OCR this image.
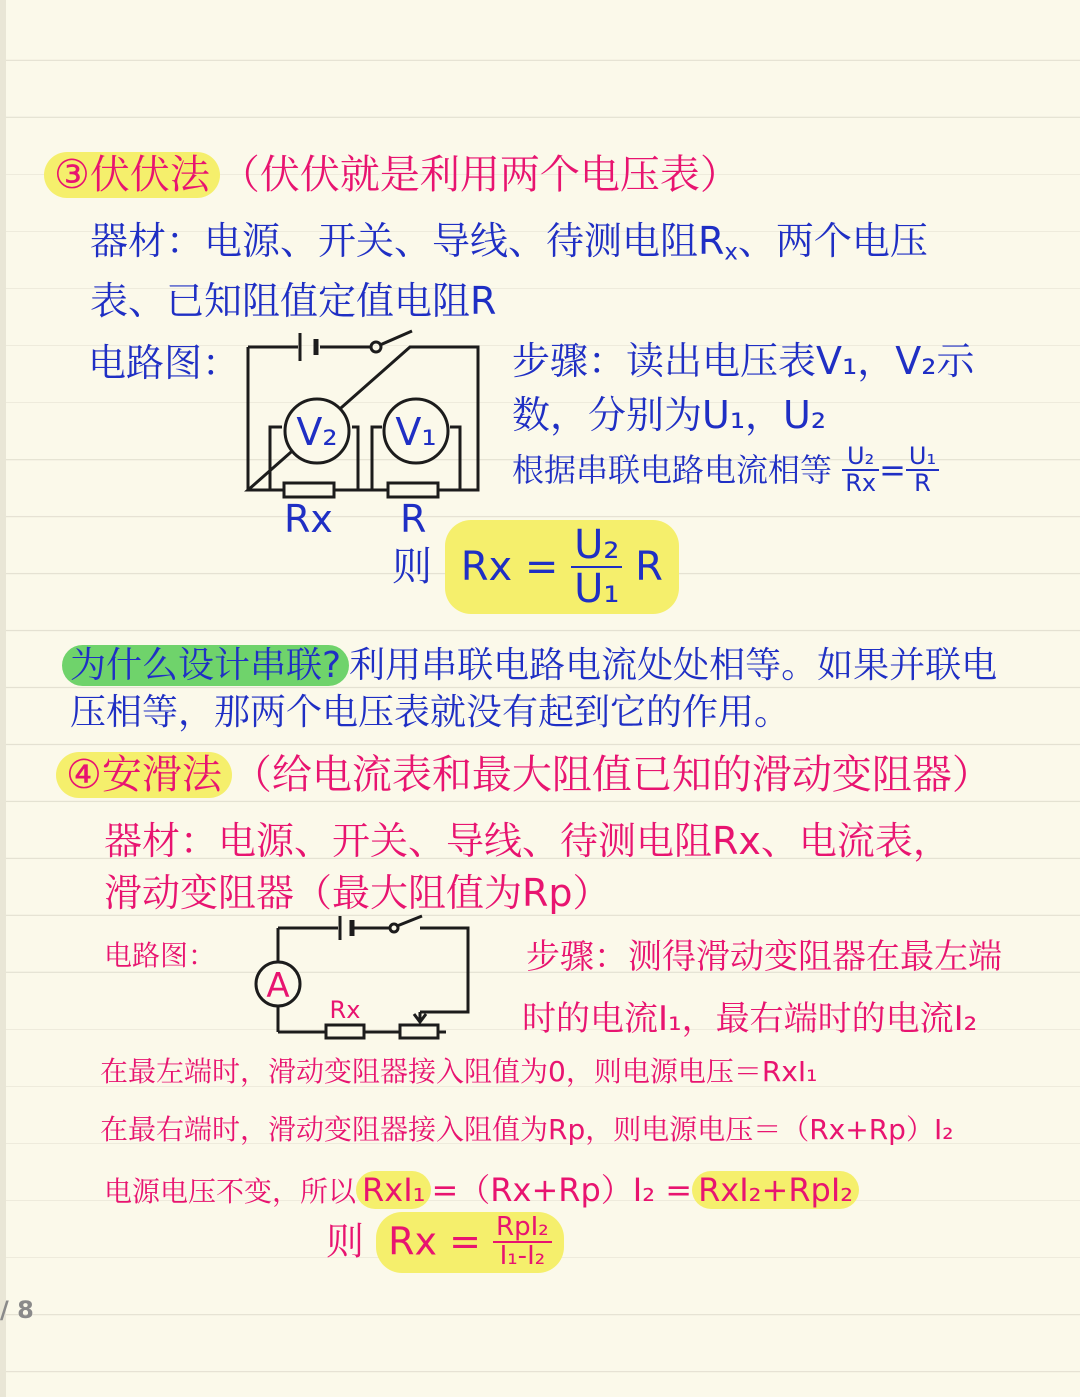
③伏伏法 （伏伏就是利用两个电压表）
器材：电源、开关、导线、待测电阻$R_x$、两个电压
表、已知阻值定值电阻R
电路图：
V₂ V₁
Rx R
步骤：读出电压表V₁，V₂示
数，分别为U₁，U₂
根据串联电路电流相等 $\frac{\text{U₂}}{Rx} = \frac{\text{U₁}}{R}$
则 $Rx = \frac{\text{U₂}}{\text{U₁}}$ R
为什么设计串联? 利用串联电路电流处处相等。如果并联电
压相等，那两个电压表就没有起到它的作用。
④安滑法 （给电流表和最大阻值已知的滑动变阻器）
器材：电源、开关、导线、待测电阻Rx、电流表，
滑动变阻器（最大阻值为Rp）
电路图：
A
Rx
步骤：测得滑动变阻器在最左端
时的电流I₁，最右端时的电流I₂
在最左端时，滑动变阻器接入阻值为0，则电源电压＝RxI₁
在最右端时，滑动变阻器接入阻值为Rp，则电源电压＝（Rx+Rp）I₂
电源电压不变，所以 RxI₁ =（Rx+Rp）I₂ = RxI₂+RpI₂
则 $Rx = \frac{\text{RpI₂}}{\text{I₁-I₂}}$
/ 8
